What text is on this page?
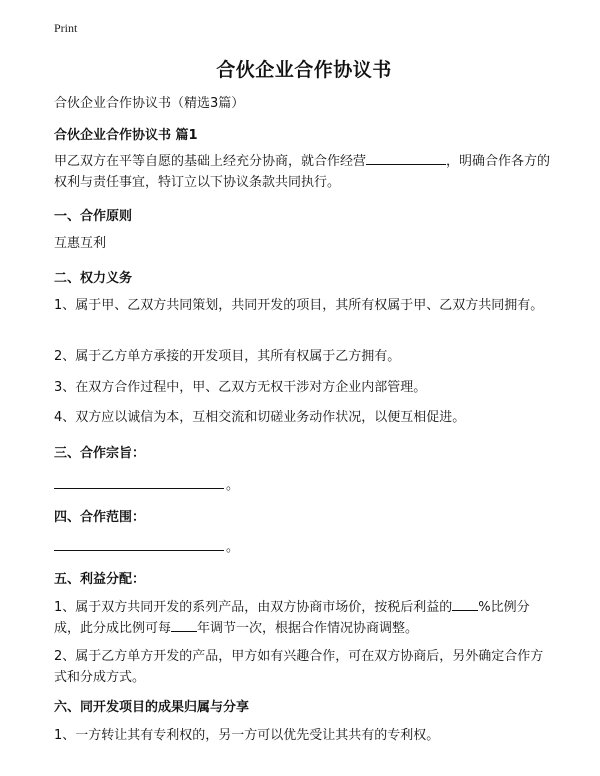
Print
合伙企业合作协议书
合伙企业合作协议书（精选3篇）
合伙企业合作协议书 篇1
甲乙双方在平等自愿的基础上经充分协商，就合作经营	，明确合作各方的权利与责任事宜，特订立以下协议条款共同执行。
一、合作原则
互惠互利
二、权力义务
1、属于甲、乙双方共同策划，共同开发的项目，其所有权属于甲、乙双方共同拥有。
2、属于乙方单方承接的开发项目，其所有权属于乙方拥有。
3、在双方合作过程中，甲、乙双方无权干涉对方企业内部管理。
4、双方应以诚信为本，互相交流和切磋业务动作状况，以便互相促进。
三、合作宗旨：
。
四、合作范围：
。
五、利益分配：
1、属于双方共同开发的系列产品，由双方协商市场价，按税后利益的 %比例分成，此分成比例可每 年调节一次，根据合作情况协商调整。
2、属于乙方单方开发的产品，甲方如有兴趣合作，可在双方协商后，另外确定合作方式和分成方式。
六、同开发项目的成果归属与分享
1、一方转让其有专利权的，另一方可以优先受让其共有的专利权。
